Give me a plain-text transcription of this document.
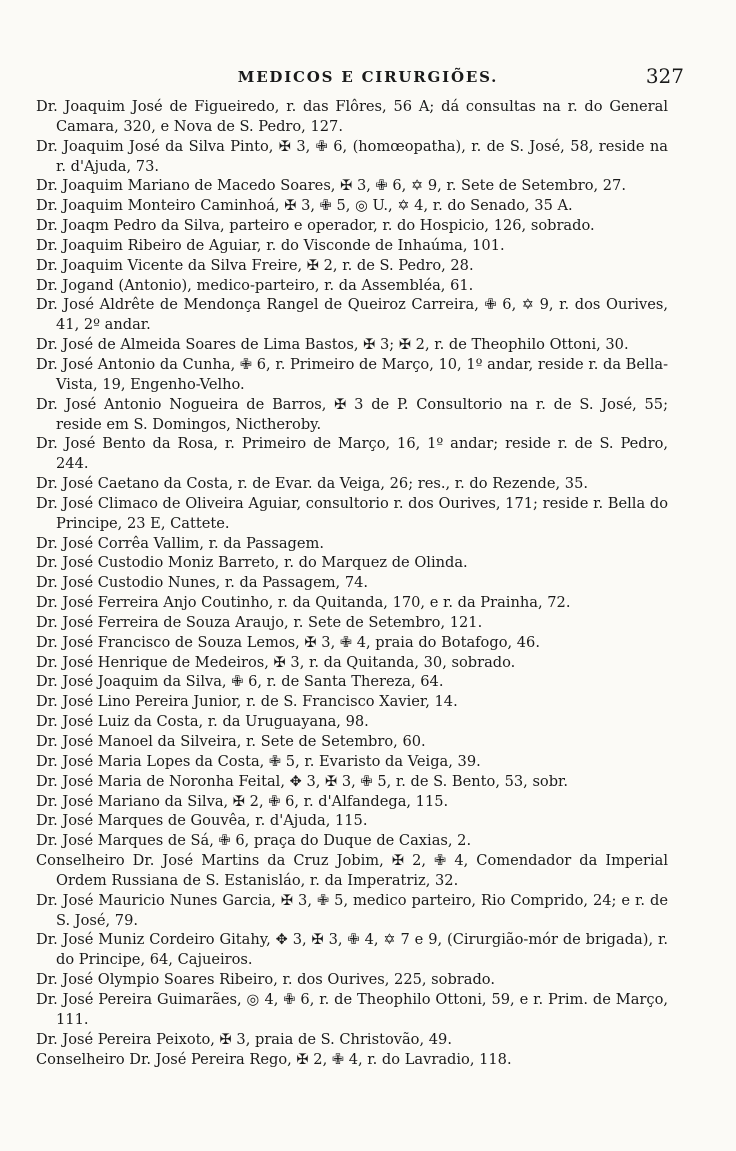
MEDICOS E CIRURGIÕES.	327
Dr. Joaquim José de Figueiredo, r. das Flôres, 56 A; dá consultas na r. do General Camara, 320, e Nova de S. Pedro, 127.
Dr. Joaquim José da Silva Pinto, ✠ 3, ✙ 6, (homœopatha), r. de S. José, 58, reside na r. d'Ajuda, 73.
Dr. Joaquim Mariano de Macedo Soares, ✠ 3, ✙ 6, ✡ 9, r. Sete de Setembro, 27.
Dr. Joaquim Monteiro Caminhoá, ✠ 3, ✙ 5, ◎ U., ✡ 4, r. do Senado, 35 A.
Dr. Joaqm Pedro da Silva, parteiro e operador, r. do Hospicio, 126, sobrado.
Dr. Joaquim Ribeiro de Aguiar, r. do Visconde de Inhaúma, 101.
Dr. Joaquim Vicente da Silva Freire, ✠ 2, r. de S. Pedro, 28.
Dr. Jogand (Antonio), medico-parteiro, r. da Assembléa, 61.
Dr. José Aldrête de Mendonça Rangel de Queiroz Carreira, ✙ 6, ✡ 9, r. dos Ourives, 41, 2º andar.
Dr. José de Almeida Soares de Lima Bastos, ✠ 3; ✠ 2, r. de Theophilo Ottoni, 30.
Dr. José Antonio da Cunha, ✙ 6, r. Primeiro de Março, 10, 1º andar, reside r. da Bella-Vista, 19, Engenho-Velho.
Dr. José Antonio Nogueira de Barros, ✠ 3 de P. Consultorio na r. de S. José, 55; reside em S. Domingos, Nictheroby.
Dr. José Bento da Rosa, r. Primeiro de Março, 16, 1º andar; reside r. de S. Pedro, 244.
Dr. José Caetano da Costa, r. de Evar. da Veiga, 26; res., r. do Rezende, 35.
Dr. José Climaco de Oliveira Aguiar, consultorio r. dos Ourives, 171; reside r. Bella do Principe, 23 E, Cattete.
Dr. José Corrêa Vallim, r. da Passagem.
Dr. José Custodio Moniz Barreto, r. do Marquez de Olinda.
Dr. José Custodio Nunes, r. da Passagem, 74.
Dr. José Ferreira Anjo Coutinho, r. da Quitanda, 170, e r. da Prainha, 72.
Dr. José Ferreira de Souza Araujo, r. Sete de Setembro, 121.
Dr. José Francisco de Souza Lemos, ✠ 3, ✙ 4, praia do Botafogo, 46.
Dr. José Henrique de Medeiros, ✠ 3, r. da Quitanda, 30, sobrado.
Dr. José Joaquim da Silva, ✙ 6, r. de Santa Thereza, 64.
Dr. José Lino Pereira Junior, r. de S. Francisco Xavier, 14.
Dr. José Luiz da Costa, r. da Uruguayana, 98.
Dr. José Manoel da Silveira, r. Sete de Setembro, 60.
Dr. José Maria Lopes da Costa, ✙ 5, r. Evaristo da Veiga, 39.
Dr. José Maria de Noronha Feital, ✥ 3, ✠ 3, ✙ 5, r. de S. Bento, 53, sobr.
Dr. José Mariano da Silva, ✠ 2, ✙ 6, r. d'Alfandega, 115.
Dr. José Marques de Gouvêa, r. d'Ajuda, 115.
Dr. José Marques de Sá, ✙ 6, praça do Duque de Caxias, 2.
Conselheiro Dr. José Martins da Cruz Jobim, ✠ 2, ✙ 4, Comendador da Imperial Ordem Russiana de S. Estanisláo, r. da Imperatriz, 32.
Dr. José Mauricio Nunes Garcia, ✠ 3, ✙ 5, medico parteiro, Rio Comprido, 24; e r. de S. José, 79.
Dr. José Muniz Cordeiro Gitahy, ✥ 3, ✠ 3, ✙ 4, ✡ 7 e 9, (Cirurgião-mór de brigada), r. do Principe, 64, Cajueiros.
Dr. José Olympio Soares Ribeiro, r. dos Ourives, 225, sobrado.
Dr. José Pereira Guimarães, ◎ 4, ✙ 6, r. de Theophilo Ottoni, 59, e r. Prim. de Março, 111.
Dr. José Pereira Peixoto, ✠ 3, praia de S. Christovão, 49.
Conselheiro Dr. José Pereira Rego, ✠ 2, ✙ 4, r. do Lavradio, 118.
